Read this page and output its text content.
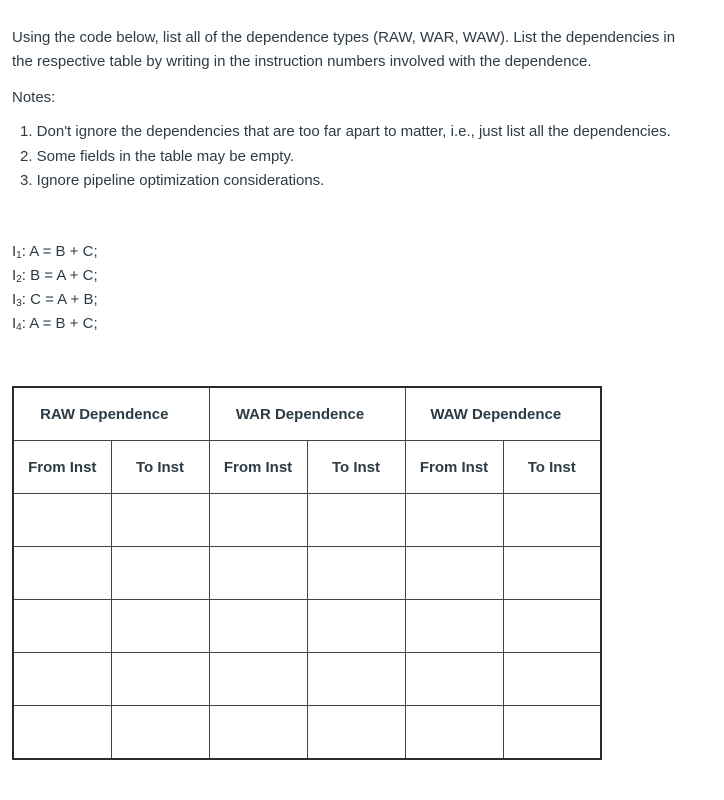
Using the code below, list all of the dependence types (RAW, WAR, WAW). List the dependencies in
the respective table by writing in the instruction numbers involved with the dependence.
Notes:
1. Don't ignore the dependencies that are too far apart to matter, i.e., just list all the dependencies.
2. Some fields in the table may be empty.
3. Ignore pipeline optimization considerations.
$I_1$: A = B + C;
$I_2$: B = A + C;
$I_3$: C = A + B;
$I_4$: A = B + C;
RAW Dependence		WAR Dependence		WAW Dependence	
From Inst	To Inst	From Inst	To Inst	From Inst	To Inst
